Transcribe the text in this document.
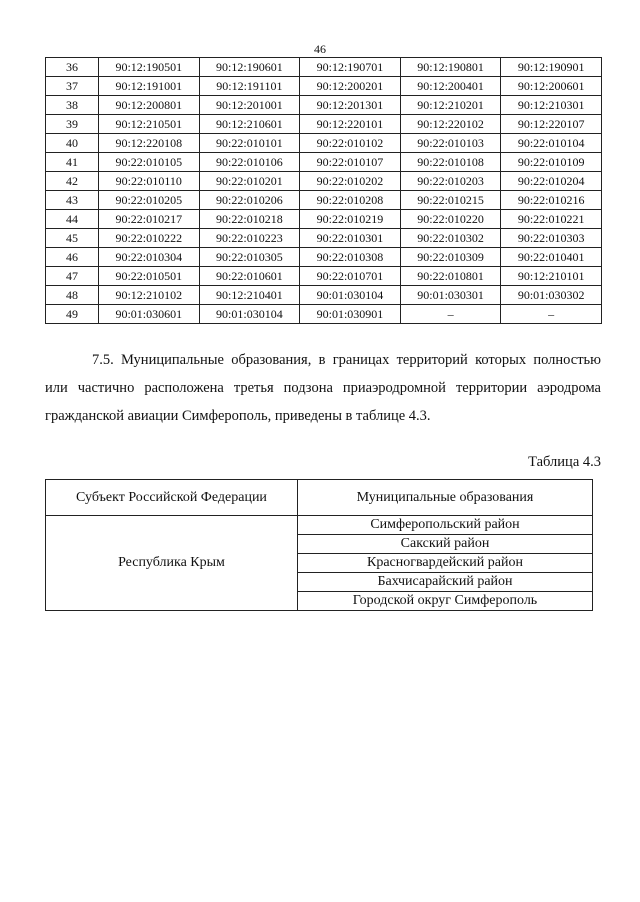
46
36	90:12:190501	90:12:190601	90:12:190701	90:12:190801	90:12:190901
37	90:12:191001	90:12:191101	90:12:200201	90:12:200401	90:12:200601
38	90:12:200801	90:12:201001	90:12:201301	90:12:210201	90:12:210301
39	90:12:210501	90:12:210601	90:12:220101	90:12:220102	90:12:220107
40	90:12:220108	90:22:010101	90:22:010102	90:22:010103	90:22:010104
41	90:22:010105	90:22:010106	90:22:010107	90:22:010108	90:22:010109
42	90:22:010110	90:22:010201	90:22:010202	90:22:010203	90:22:010204
43	90:22:010205	90:22:010206	90:22:010208	90:22:010215	90:22:010216
44	90:22:010217	90:22:010218	90:22:010219	90:22:010220	90:22:010221
45	90:22:010222	90:22:010223	90:22:010301	90:22:010302	90:22:010303
46	90:22:010304	90:22:010305	90:22:010308	90:22:010309	90:22:010401
47	90:22:010501	90:22:010601	90:22:010701	90:22:010801	90:12:210101
48	90:12:210102	90:12:210401	90:01:030104	90:01:030301	90:01:030302
49	90:01:030601	90:01:030104	90:01:030901	–	–
7.5. Муниципальные образования, в границах территорий которых полностью
или частично расположена третья подзона приаэродромной территории аэродрома
гражданской авиации Симферополь, приведены в таблице 4.3.
Таблица 4.3
Субъект Российской Федерации	Муниципальные образования
Республика Крым	Симферопольский район
	Сакский район
	Красногвардейский район
	Бахчисарайский район
	Городской округ Симферополь
